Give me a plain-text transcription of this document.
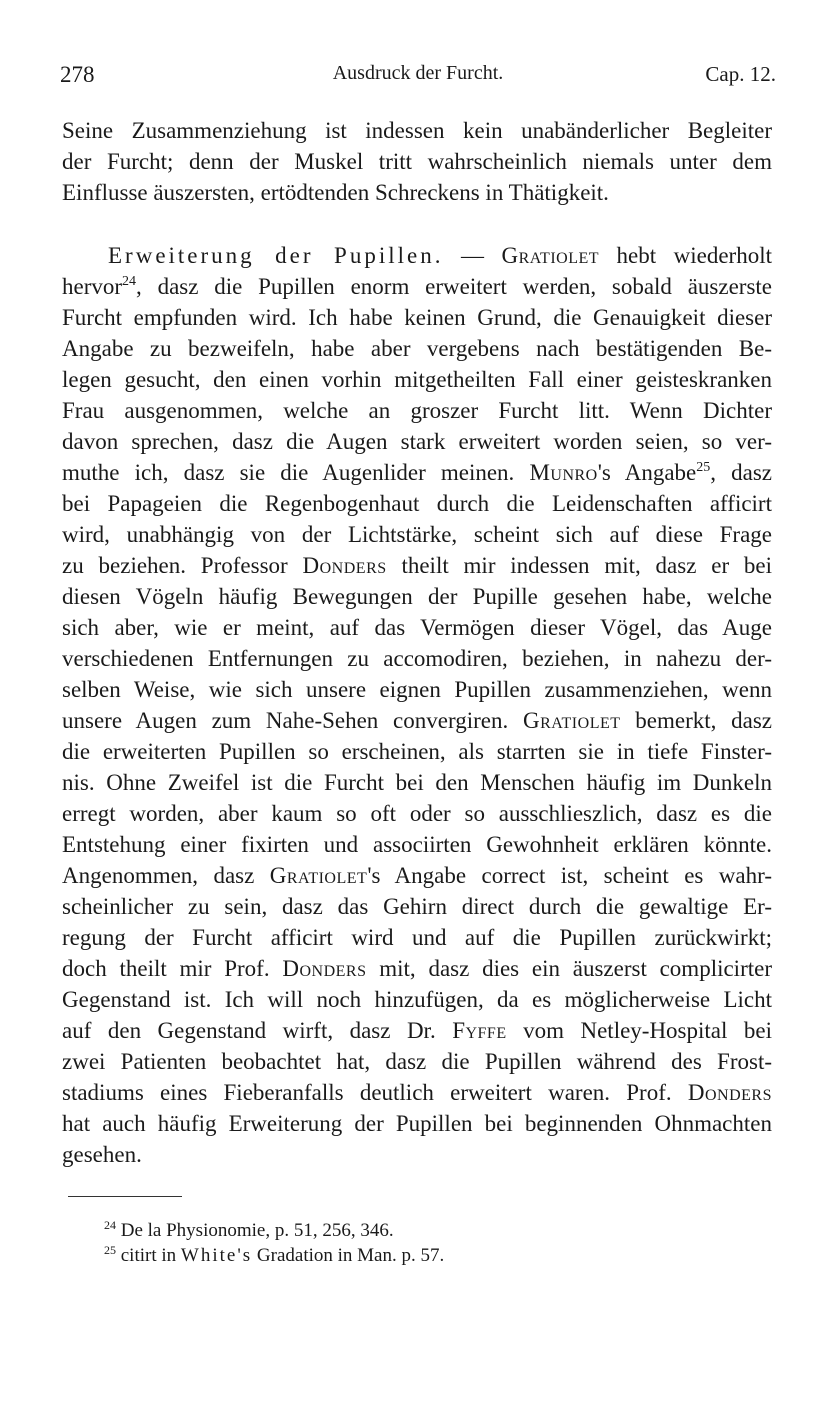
278	Ausdruck der Furcht.	Cap. 12.
Seine Zusammenziehung ist indessen kein unabänderlicher Begleiter
der Furcht; denn der Muskel tritt wahrscheinlich niemals unter dem
Einflusse äuszersten, ertödtenden Schreckens in Thätigkeit.
Erweiterung der Pupillen. — Gratiolet hebt wiederholt
hervor$^{24}$, dasz die Pupillen enorm erweitert werden, sobald äuszerste
Furcht empfunden wird. Ich habe keinen Grund, die Genauigkeit dieser
Angabe zu bezweifeln, habe aber vergebens nach bestätigenden Be-
legen gesucht, den einen vorhin mitgetheilten Fall einer geisteskranken
Frau ausgenommen, welche an groszer Furcht litt. Wenn Dichter
davon sprechen, dasz die Augen stark erweitert worden seien, so ver-
muthe ich, dasz sie die Augenlider meinen. Munro's Angabe$^{25}$, dasz
bei Papageien die Regenbogenhaut durch die Leidenschaften afficirt
wird, unabhängig von der Lichtstärke, scheint sich auf diese Frage
zu beziehen. Professor Donders theilt mir indessen mit, dasz er bei
diesen Vögeln häufig Bewegungen der Pupille gesehen habe, welche
sich aber, wie er meint, auf das Vermögen dieser Vögel, das Auge
verschiedenen Entfernungen zu accomodiren, beziehen, in nahezu der-
selben Weise, wie sich unsere eignen Pupillen zusammenziehen, wenn
unsere Augen zum Nahe-Sehen convergiren. Gratiolet bemerkt, dasz
die erweiterten Pupillen so erscheinen, als starrten sie in tiefe Finster-
nis. Ohne Zweifel ist die Furcht bei den Menschen häufig im Dunkeln
erregt worden, aber kaum so oft oder so ausschlieszlich, dasz es die
Entstehung einer fixirten und associirten Gewohnheit erklären könnte.
Angenommen, dasz Gratiolet's Angabe correct ist, scheint es wahr-
scheinlicher zu sein, dasz das Gehirn direct durch die gewaltige Er-
regung der Furcht afficirt wird und auf die Pupillen zurückwirkt;
doch theilt mir Prof. Donders mit, dasz dies ein äuszerst complicirter
Gegenstand ist. Ich will noch hinzufügen, da es möglicherweise Licht
auf den Gegenstand wirft, dasz Dr. Fyffe vom Netley-Hospital bei
zwei Patienten beobachtet hat, dasz die Pupillen während des Frost-
stadiums eines Fieberanfalls deutlich erweitert waren. Prof. Donders
hat auch häufig Erweiterung der Pupillen bei beginnenden Ohnmachten
gesehen.
$^{24}$ De la Physionomie, p. 51, 256, 346.
$^{25}$ citirt in White's Gradation in Man. p. 57.
